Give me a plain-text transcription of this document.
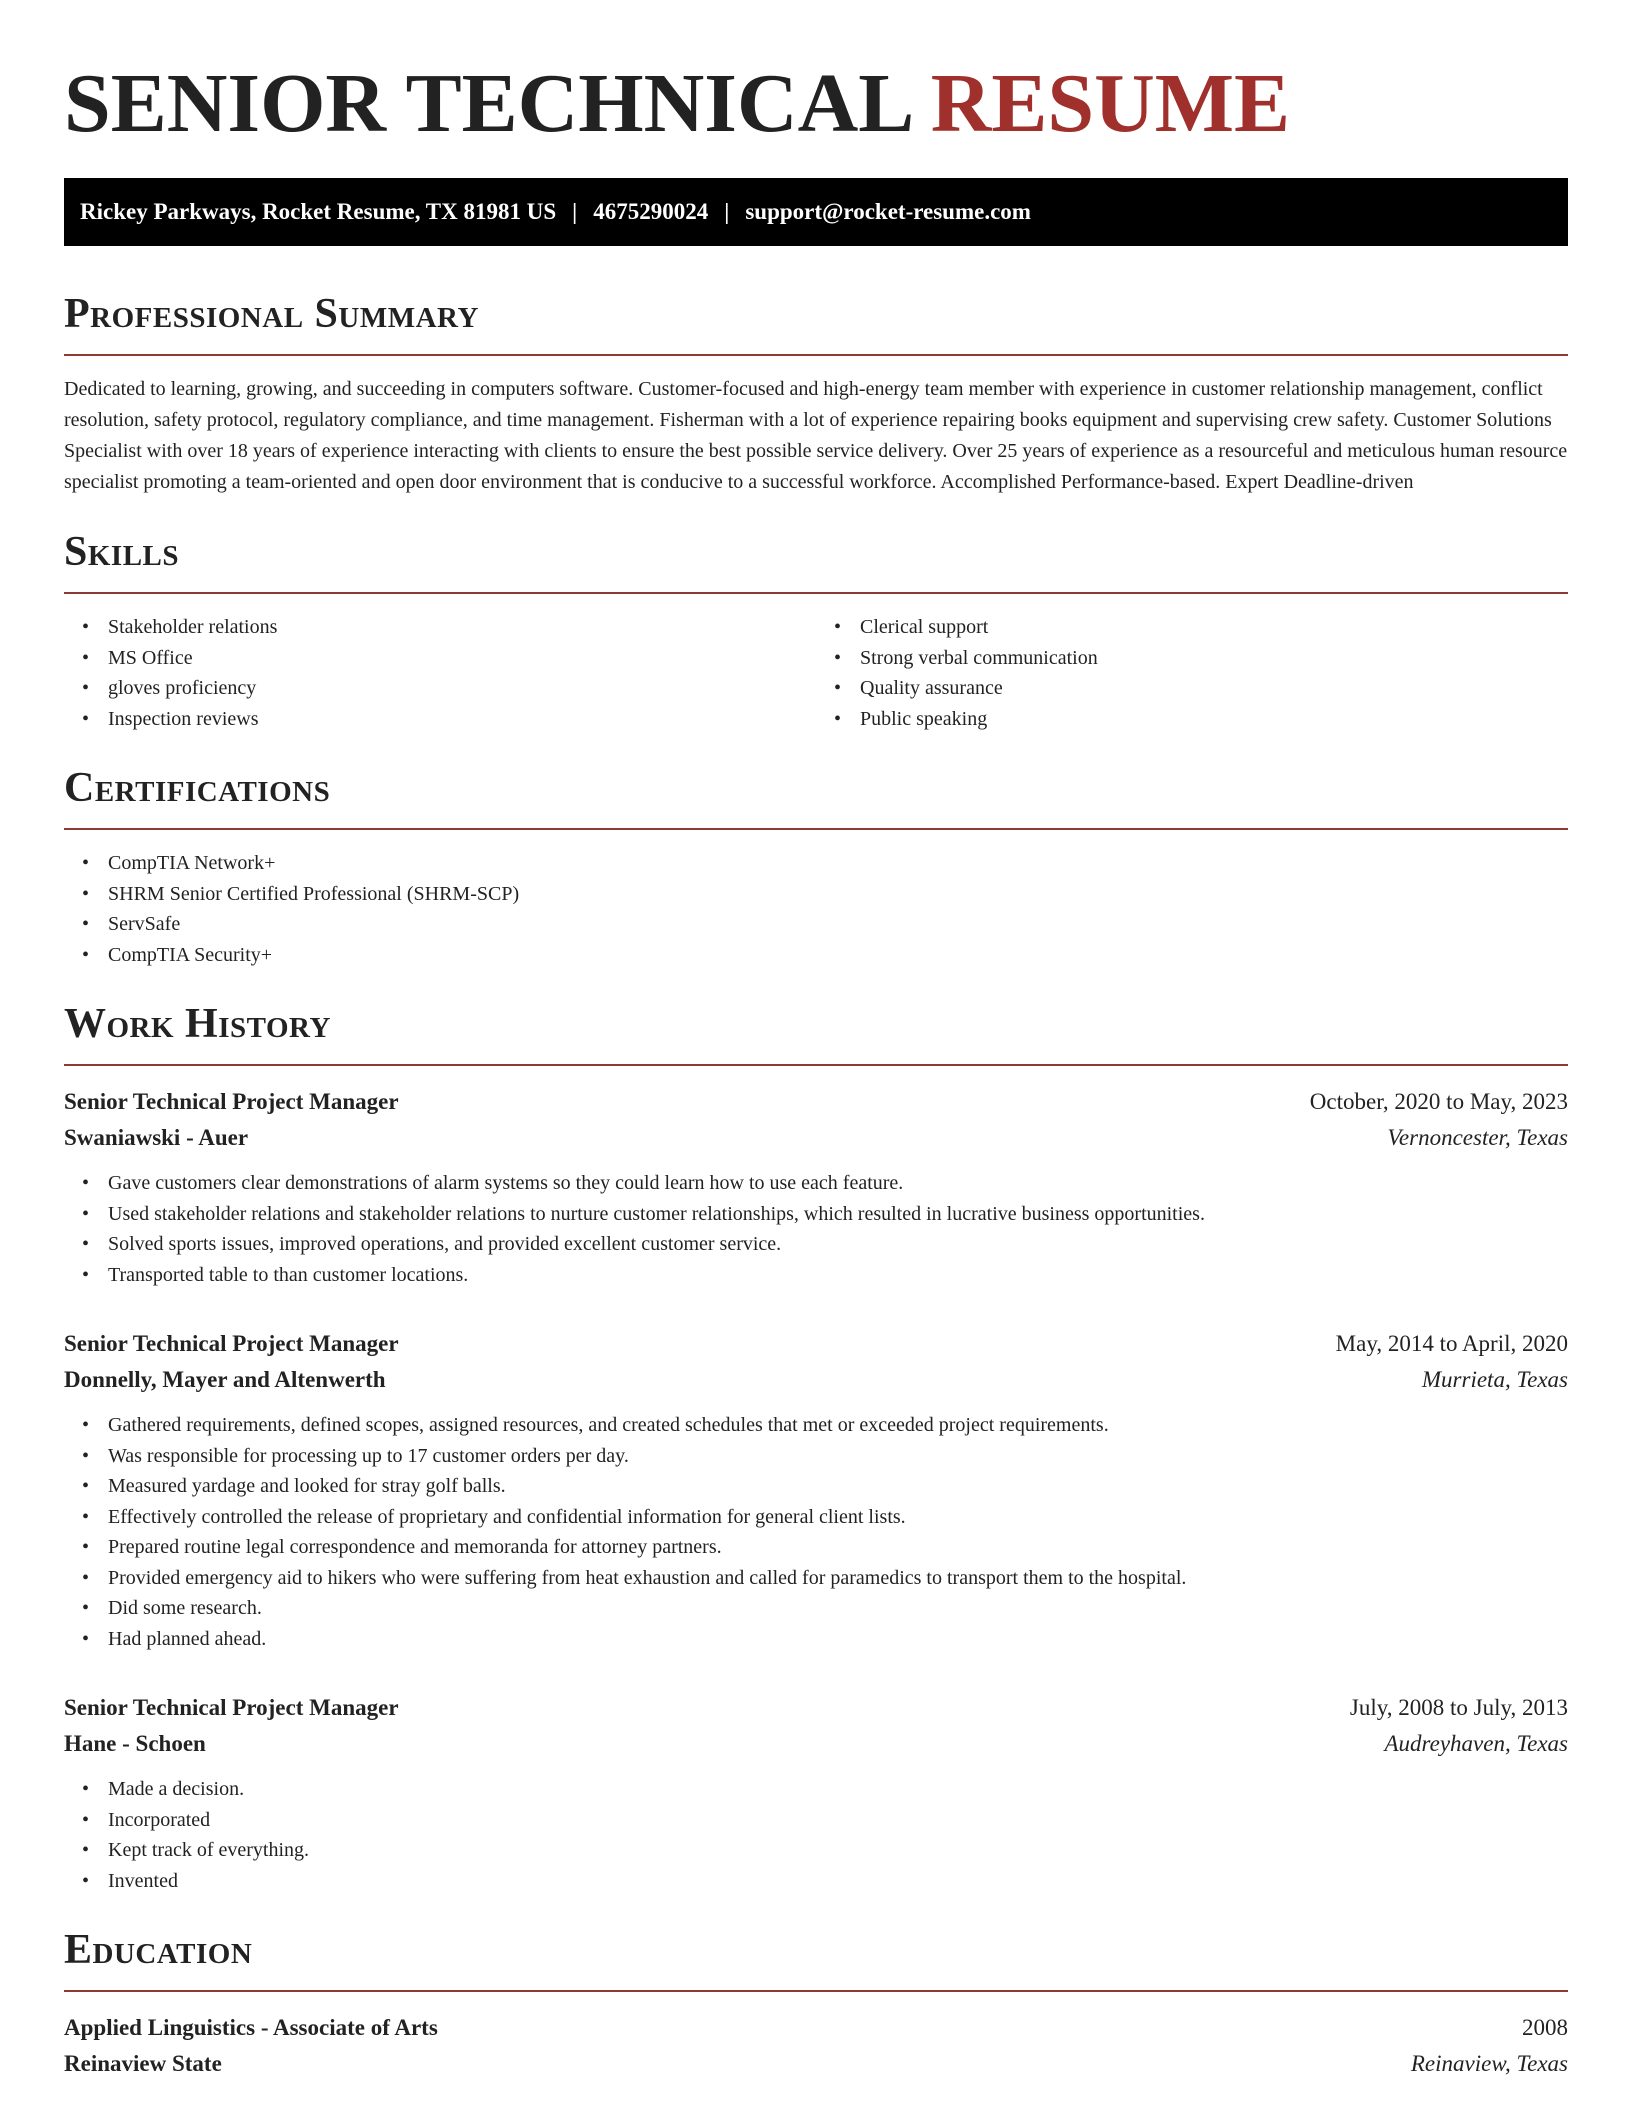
SENIOR TECHNICAL RESUME
Rickey Parkways, Rocket Resume, TX 81981 US | 4675290024 | support@rocket-resume.com
Professional Summary

Dedicated to learning, growing, and succeeding in computers software. Customer-focused and high-energy team member with experience in customer relationship management, conflict resolution, safety protocol, regulatory compliance, and time management. Fisherman with a lot of experience repairing books equipment and supervising crew safety. Customer Solutions Specialist with over 18 years of experience interacting with clients to ensure the best possible service delivery. Over 25 years of experience as a resourceful and meticulous human resource specialist promoting a team-oriented and open door environment that is conducive to a successful workforce. Accomplished Performance-based. Expert Deadline-driven

Skills
• Stakeholder relations
• MS Office
• gloves proficiency
• Inspection reviews
• Clerical support
• Strong verbal communication
• Quality assurance
• Public speaking
Certifications
• CompTIA Network+
• SHRM Senior Certified Professional (SHRM-SCP)
• ServSafe
• CompTIA Security+
Work History
Senior Technical Project Manager	October, 2020 to May, 2023
Swaniawski - Auer	Vernoncester, Texas
• Gave customers clear demonstrations of alarm systems so they could learn how to use each feature.
• Used stakeholder relations and stakeholder relations to nurture customer relationships, which resulted in lucrative business opportunities.
• Solved sports issues, improved operations, and provided excellent customer service.
• Transported table to than customer locations.
Senior Technical Project Manager	May, 2014 to April, 2020
Donnelly, Mayer and Altenwerth	Murrieta, Texas
• Gathered requirements, defined scopes, assigned resources, and created schedules that met or exceeded project requirements.
• Was responsible for processing up to 17 customer orders per day.
• Measured yardage and looked for stray golf balls.
• Effectively controlled the release of proprietary and confidential information for general client lists.
• Prepared routine legal correspondence and memoranda for attorney partners.
• Provided emergency aid to hikers who were suffering from heat exhaustion and called for paramedics to transport them to the hospital.
• Did some research.
• Had planned ahead.
Senior Technical Project Manager	July, 2008 to July, 2013
Hane - Schoen	Audreyhaven, Texas
• Made a decision.
• Incorporated
• Kept track of everything.
• Invented
Education
Applied Linguistics - Associate of Arts	2008
Reinaview State	Reinaview, Texas
